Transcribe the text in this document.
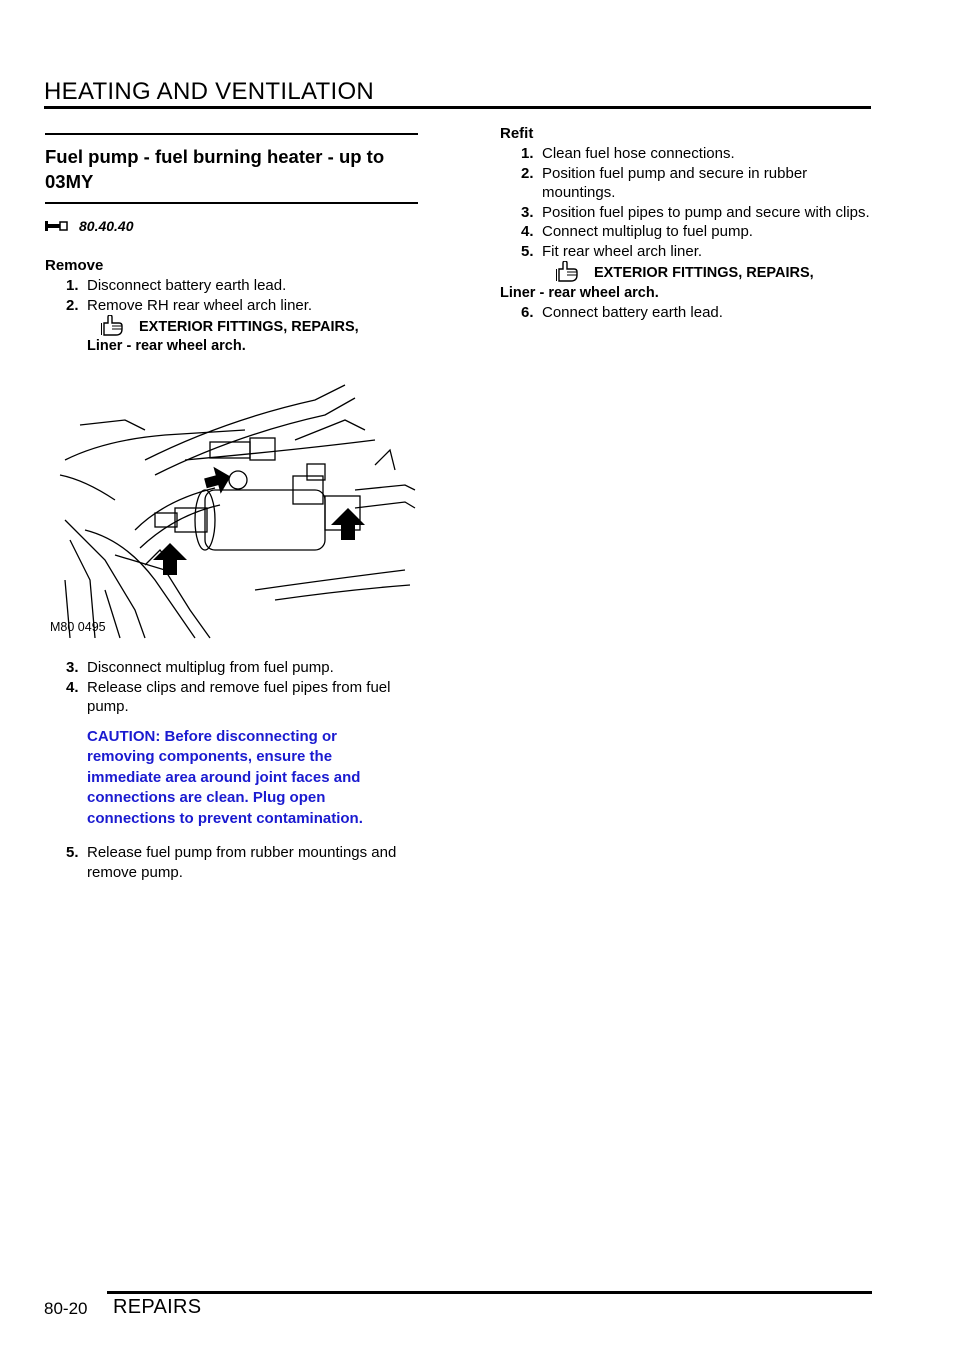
HEATING AND VENTILATION
Fuel pump - fuel burning heater - up to 03MY
80.40.40
Remove
1. Disconnect battery earth lead.
2. Remove RH rear wheel arch liner.
EXTERIOR FITTINGS, REPAIRS,
Liner - rear wheel arch.
M80 0495
3. Disconnect multiplug from fuel pump.
4. Release clips and remove fuel pipes from fuel pump.
CAUTION: Before disconnecting or removing components, ensure the immediate area around joint faces and connections are clean. Plug open connections to prevent contamination.
5. Release fuel pump from rubber mountings and remove pump.
Refit
1. Clean fuel hose connections.
2. Position fuel pump and secure in rubber mountings.
3. Position fuel pipes to pump and secure with clips.
4. Connect multiplug to fuel pump.
5. Fit rear wheel arch liner.
EXTERIOR FITTINGS, REPAIRS,
Liner - rear wheel arch.
6. Connect battery earth lead.
80-20 REPAIRS
